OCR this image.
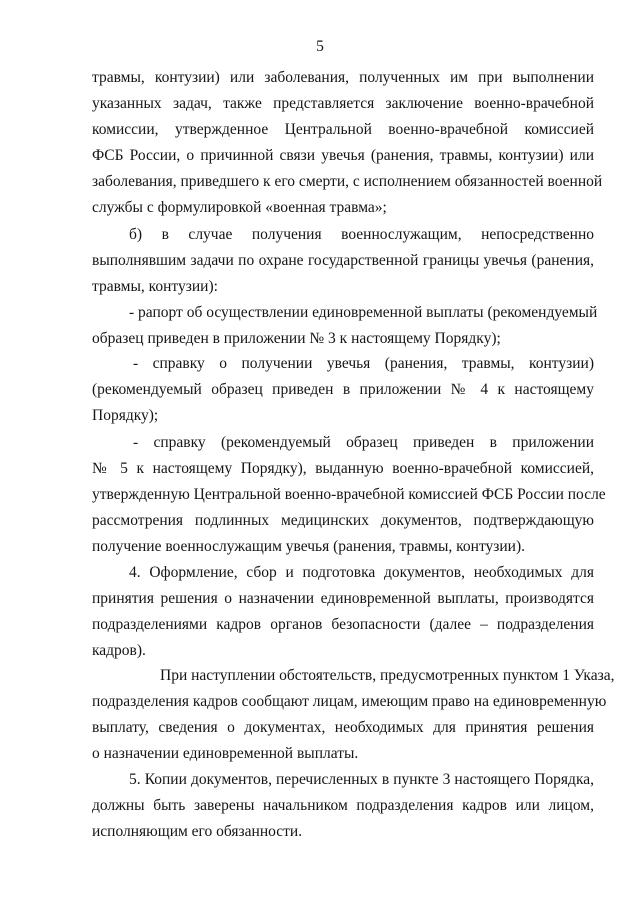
5
травмы, контузии) или заболевания, полученных им при выполнении
указанных задач, также представляется заключение военно-врачебной
комиссии, утвержденное Центральной военно-врачебной комиссией
ФСБ России, о причинной связи увечья (ранения, травмы, контузии) или
заболевания, приведшего к его смерти, с исполнением обязанностей военной
службы с формулировкой «военная травма»;
б) в случае получения военнослужащим, непосредственно
выполнявшим задачи по охране государственной границы увечья (ранения,
травмы, контузии):
- рапорт об осуществлении единовременной выплаты (рекомендуемый
образец приведен в приложении № 3 к настоящему Порядку);
- справку о получении увечья (ранения, травмы, контузии)
(рекомендуемый образец приведен в приложении № 4 к настоящему
Порядку);
- справку (рекомендуемый образец приведен в приложении
№ 5 к настоящему Порядку), выданную военно-врачебной комиссией,
утвержденную Центральной военно-врачебной комиссией ФСБ России после
рассмотрения подлинных медицинских документов, подтверждающую
получение военнослужащим увечья (ранения, травмы, контузии).
4. Оформление, сбор и подготовка документов, необходимых для
принятия решения о назначении единовременной выплаты, производятся
подразделениями кадров органов безопасности (далее – подразделения
кадров).
При наступлении обстоятельств, предусмотренных пунктом 1 Указа,
подразделения кадров сообщают лицам, имеющим право на единовременную
выплату, сведения о документах, необходимых для принятия решения
о назначении единовременной выплаты.
5. Копии документов, перечисленных в пункте 3 настоящего Порядка,
должны быть заверены начальником подразделения кадров или лицом,
исполняющим его обязанности.
